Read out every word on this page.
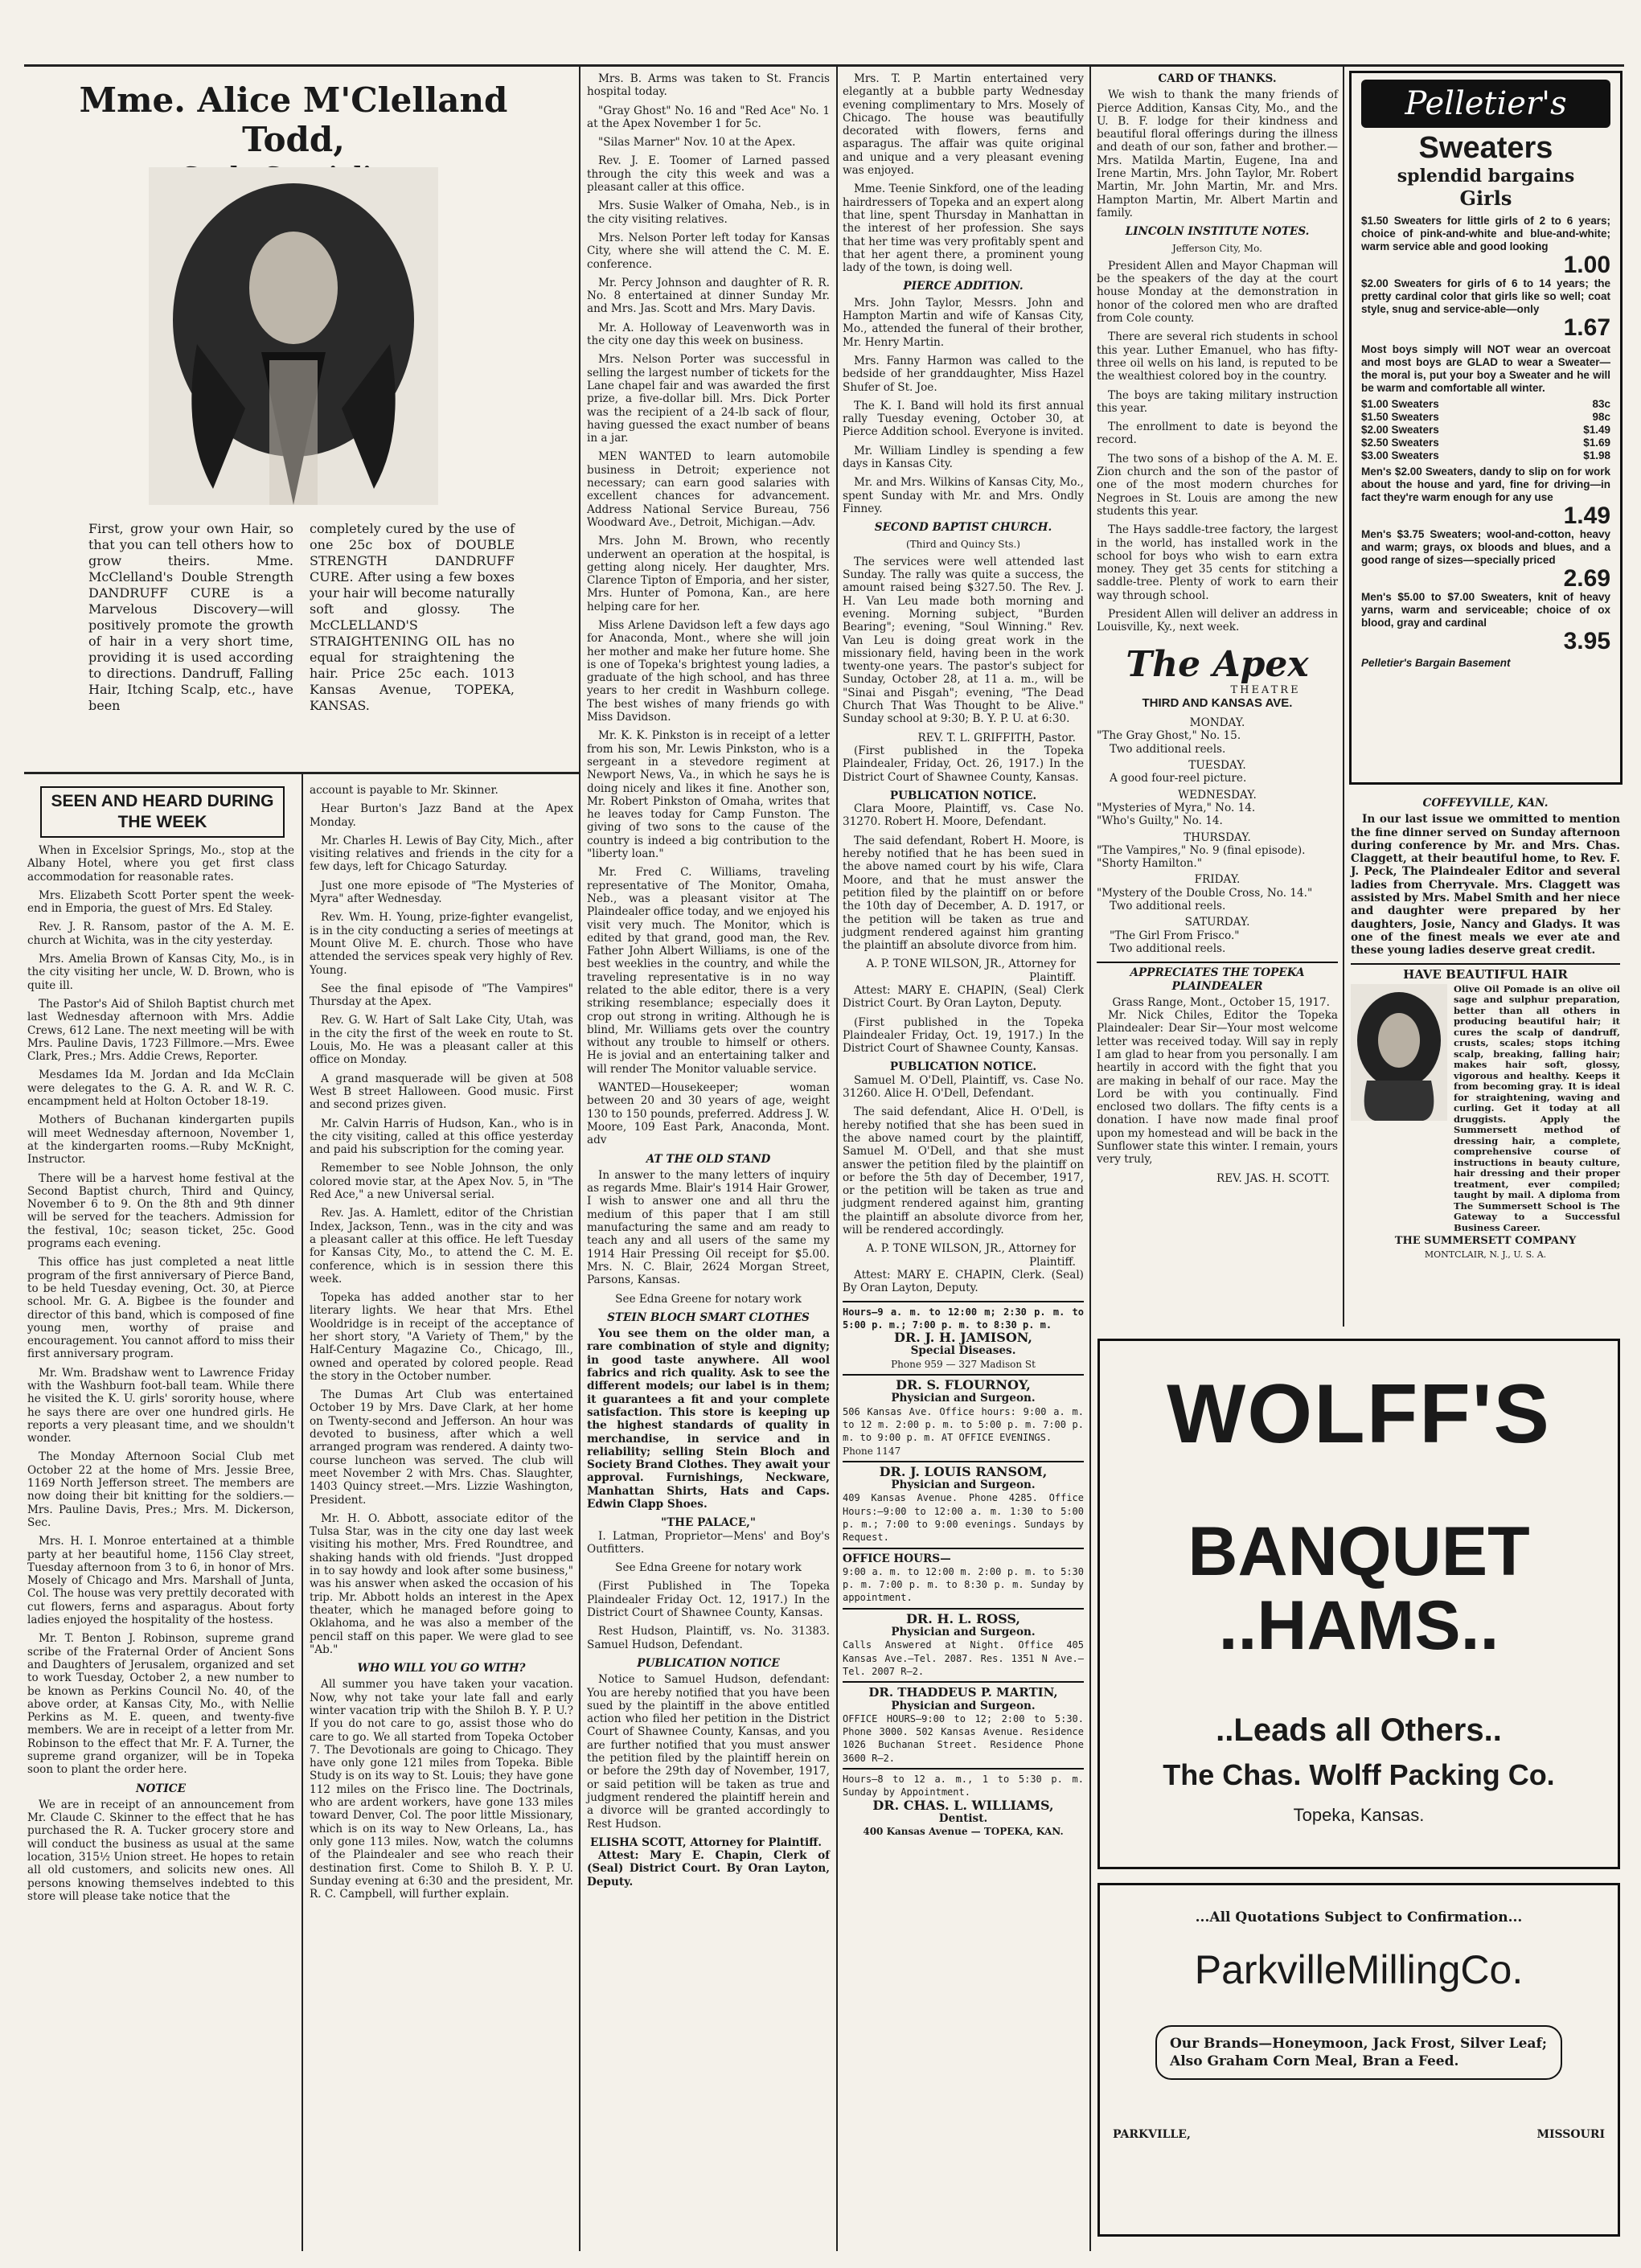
Mme. Alice M'Clelland Todd,
First, grow your own Hair, so that you can tell others how to grow theirs. Mme. McClelland's Double Strength DANDRUFF CURE is a Marvelous Discovery—will positively promote the growth of hair in a very short time, providing it is used according to directions. Dandruff, Falling Hair, Itching Scalp, etc., have been
completely cured by the use of one 25c box of DOUBLE STRENGTH DANDRUFF CURE. After using a few boxes your hair will become naturally soft and glossy. The McCLELLAND'S STRAIGHTENING OIL has no equal for straightening the hair. Price 25c each. 1013 Kansas Avenue, TOPEKA, KANSAS.
SEEN AND HEARD DURING THE WEEK

When in Excelsior Springs, Mo., stop at the Albany Hotel, where you get first class accommodation for reasonable rates.

Mrs. Elizabeth Scott Porter spent the week-end in Emporia, the guest of Mrs. Ed Staley.

Rev. J. R. Ransom, pastor of the A. M. E. church at Wichita, was in the city yesterday.

Mrs. Amelia Brown of Kansas City, Mo., is in the city visiting her uncle, W. D. Brown, who is quite ill.

The Pastor's Aid of Shiloh Baptist church met last Wednesday afternoon with Mrs. Addie Crews, 612 Lane. The next meeting will be with Mrs. Pauline Davis, 1723 Fillmore.—Mrs. Ewee Clark, Pres.; Mrs. Addie Crews, Reporter.

Mesdames Ida M. Jordan and Ida McClain were delegates to the G. A. R. and W. R. C. encampment held at Holton October 18-19.

Mothers of Buchanan kindergarten pupils will meet Wednesday afternoon, November 1, at the kindergarten rooms.—Ruby McKnight, Instructor.

There will be a harvest home festival at the Second Baptist church, Third and Quincy, November 6 to 9. On the 8th and 9th dinner will be served for the teachers. Admission for the festival, 10c; season ticket, 25c. Good programs each evening.

This office has just completed a neat little program of the first anniversary of Pierce Band, to be held Tuesday evening, Oct. 30, at Pierce school. Mr. G. A. Bigbee is the founder and director of this band, which is composed of fine young men, worthy of praise and encouragement. You cannot afford to miss their first anniversary program.

Mr. Wm. Bradshaw went to Lawrence Friday with the Washburn foot-ball team. While there he visited the K. U. girls' sorority house, where he says there are over one hundred girls. He reports a very pleasant time, and we shouldn't wonder.

The Monday Afternoon Social Club met October 22 at the home of Mrs. Jessie Bree, 1169 North Jefferson street. The members are now doing their bit knitting for the soldiers.—Mrs. Pauline Davis, Pres.; Mrs. M. Dickerson, Sec.

Mrs. H. I. Monroe entertained at a thimble party at her beautiful home, 1156 Clay street, Tuesday afternoon from 3 to 6, in honor of Mrs. Mosely of Chicago and Mrs. Marshall of Junta, Col. The house was very prettily decorated with cut flowers, ferns and asparagus. About forty ladies enjoyed the hospitality of the hostess.

Mr. T. Benton J. Robinson, supreme grand scribe of the Fraternal Order of Ancient Sons and Daughters of Jerusalem, organized and set to work Tuesday, October 2, a new number to be known as Perkins Council No. 40, of the above order, at Kansas City, Mo., with Nellie Perkins as M. E. queen, and twenty-five members. We are in receipt of a letter from Mr. Robinson to the effect that Mr. F. A. Turner, the supreme grand organizer, will be in Topeka soon to plant the order here.

NOTICE

We are in receipt of an announcement from Mr. Claude C. Skinner to the effect that he has purchased the R. A. Tucker grocery store and will conduct the business as usual at the same location, 315½ Union street. He hopes to retain all old customers, and solicits new ones. All persons knowing themselves indebted to this store will please take notice that the

account is payable to Mr. Skinner.

Hear Burton's Jazz Band at the Apex Monday.

Mr. Charles H. Lewis of Bay City, Mich., after visiting relatives and friends in the city for a few days, left for Chicago Saturday.

Just one more episode of "The Mysteries of Myra" after Wednesday.

Rev. Wm. H. Young, prize-fighter evangelist, is in the city conducting a series of meetings at Mount Olive M. E. church. Those who have attended the services speak very highly of Rev. Young.

See the final episode of "The Vampires" Thursday at the Apex.

Rev. G. W. Hart of Salt Lake City, Utah, was in the city the first of the week en route to St. Louis, Mo. He was a pleasant caller at this office on Monday.

A grand masquerade will be given at 508 West B street Halloween. Good music. First and second prizes given.

Mr. Calvin Harris of Hudson, Kan., who is in the city visiting, called at this office yesterday and paid his subscription for the coming year.

Remember to see Noble Johnson, the only colored movie star, at the Apex Nov. 5, in "The Red Ace," a new Universal serial.

Rev. Jas. A. Hamlett, editor of the Christian Index, Jackson, Tenn., was in the city and was a pleasant caller at this office. He left Tuesday for Kansas City, Mo., to attend the C. M. E. conference, which is in session there this week.

Topeka has added another star to her literary lights. We hear that Mrs. Ethel Wooldridge is in receipt of the acceptance of her short story, "A Variety of Them," by the Half-Century Magazine Co., Chicago, Ill., owned and operated by colored people. Read the story in the October number.

The Dumas Art Club was entertained October 19 by Mrs. Dave Clark, at her home on Twenty-second and Jefferson. An hour was devoted to business, after which a well arranged program was rendered. A dainty two-course luncheon was served. The club will meet November 2 with Mrs. Chas. Slaughter, 1403 Quincy street.—Mrs. Lizzie Washington, President.

Mr. H. O. Abbott, associate editor of the Tulsa Star, was in the city one day last week visiting his mother, Mrs. Fred Roundtree, and shaking hands with old friends. "Just dropped in to say howdy and look after some business," was his answer when asked the occasion of his trip. Mr. Abbott holds an interest in the Apex theater, which he managed before going to Oklahoma, and he was also a member of the pencil staff on this paper. We were glad to see "Ab."

WHO WILL YOU GO WITH?

All summer you have taken your vacation. Now, why not take your late fall and early winter vacation trip with the Shiloh B. Y. P. U.? If you do not care to go, assist those who do care to go. We all started from Topeka October 7. The Devotionals are going to Chicago. They have only gone 121 miles from Topeka. Bible Study is on its way to St. Louis; they have gone 112 miles on the Frisco line. The Doctrinals, who are ardent workers, have gone 133 miles toward Denver, Col. The poor little Missionary, which is on its way to New Orleans, La., has only gone 113 miles. Now, watch the columns of the Plaindealer and see who reach their destination first. Come to Shiloh B. Y. P. U. Sunday evening at 6:30 and the president, Mr. R. C. Campbell, will further explain.

Mrs. B. Arms was taken to St. Francis hospital today.

"Gray Ghost" No. 16 and "Red Ace" No. 1 at the Apex November 1 for 5c.

"Silas Marner" Nov. 10 at the Apex.

Rev. J. E. Toomer of Larned passed through the city this week and was a pleasant caller at this office.

Mrs. Susie Walker of Omaha, Neb., is in the city visiting relatives.

Mrs. Nelson Porter left today for Kansas City, where she will attend the C. M. E. conference.

Mr. Percy Johnson and daughter of R. R. No. 8 entertained at dinner Sunday Mr. and Mrs. Jas. Scott and Mrs. Mary Davis.

Mr. A. Holloway of Leavenworth was in the city one day this week on business.

Mrs. Nelson Porter was successful in selling the largest number of tickets for the Lane chapel fair and was awarded the first prize, a five-dollar bill. Mrs. Dick Porter was the recipient of a 24-lb sack of flour, having guessed the exact number of beans in a jar.

MEN WANTED to learn automobile business in Detroit; experience not necessary; can earn good salaries with excellent chances for advancement. Address National Service Bureau, 756 Woodward Ave., Detroit, Michigan.—Adv.

Mrs. John M. Brown, who recently underwent an operation at the hospital, is getting along nicely. Her daughter, Mrs. Clarence Tipton of Emporia, and her sister, Mrs. Hunter of Pomona, Kan., are here helping care for her.

Miss Arlene Davidson left a few days ago for Anaconda, Mont., where she will join her mother and make her future home. She is one of Topeka's brightest young ladies, a graduate of the high school, and has three years to her credit in Washburn college. The best wishes of many friends go with Miss Davidson.

Mr. K. K. Pinkston is in receipt of a letter from his son, Mr. Lewis Pinkston, who is a sergeant in a stevedore regiment at Newport News, Va., in which he says he is doing nicely and likes it fine. Another son, Mr. Robert Pinkston of Omaha, writes that he leaves today for Camp Funston. The giving of two sons to the cause of the country is indeed a big contribution to the "liberty loan."

Mr. Fred C. Williams, traveling representative of The Monitor, Omaha, Neb., was a pleasant visitor at The Plaindealer office today, and we enjoyed his visit very much. The Monitor, which is edited by that grand, good man, the Rev. Father John Albert Williams, is one of the best weeklies in the country, and while the traveling representative is in no way related to the able editor, there is a very striking resemblance; especially does it crop out strong in writing. Although he is blind, Mr. Williams gets over the country without any trouble to himself or others. He is jovial and an entertaining talker and will render The Monitor valuable service.

WANTED—Housekeeper; woman between 20 and 30 years of age, weight 130 to 150 pounds, preferred. Address J. W. Moore, 109 East Park, Anaconda, Mont. adv

AT THE OLD STAND

In answer to the many letters of inquiry as regards Mme. Blair's 1914 Hair Grower, I wish to answer one and all thru the medium of this paper that I am still manufacturing the same and am ready to teach any and all users of the same my 1914 Hair Pressing Oil receipt for $5.00. Mrs. N. C. Blair, 2624 Morgan Street, Parsons, Kansas.

See Edna Greene for notary work

STEIN BLOCH SMART CLOTHES

You see them on the older man, a rare combination of style and dignity; in good taste anywhere. All wool fabrics and rich quality. Ask to see the different models; our label is in them; it guarantees a fit and your complete satisfaction. This store is keeping up the highest standards of quality in merchandise, in service and in reliability; selling Stein Bloch and Society Brand Clothes. They await your approval. Furnishings, Neckware, Manhattan Shirts, Hats and Caps. Edwin Clapp Shoes.

"THE PALACE,"

I. Latman, Proprietor—Mens' and Boy's Outfitters.

See Edna Greene for notary work

(First Published in The Topeka Plaindealer Friday Oct. 12, 1917.) In the District Court of Shawnee County, Kansas.

Rest Hudson, Plaintiff, vs. No. 31383. Samuel Hudson, Defendant.

PUBLICATION NOTICE

Notice to Samuel Hudson, defendant: You are hereby notified that you have been sued by the plaintiff in the above entitled action who filed her petition in the District Court of Shawnee County, Kansas, and you are further notified that you must answer the petition filed by the plaintiff herein on or before the 29th day of November, 1917, or said petition will be taken as true and judgment rendered the plaintiff herein and a divorce will be granted accordingly to Rest Hudson.

ELISHA SCOTT, Attorney for Plaintiff.

Attest: Mary E. Chapin, Clerk of (Seal) District Court. By Oran Layton, Deputy.

Mrs. T. P. Martin entertained very elegantly at a bubble party Wednesday evening complimentary to Mrs. Mosely of Chicago. The house was beautifully decorated with flowers, ferns and asparagus. The affair was quite original and unique and a very pleasant evening was enjoyed.

Mme. Teenie Sinkford, one of the leading hairdressers of Topeka and an expert along that line, spent Thursday in Manhattan in the interest of her profession. She says that her time was very profitably spent and that her agent there, a prominent young lady of the town, is doing well.

PIERCE ADDITION.

Mrs. John Taylor, Messrs. John and Hampton Martin and wife of Kansas City, Mo., attended the funeral of their brother, Mr. Henry Martin.

Mrs. Fanny Harmon was called to the bedside of her granddaughter, Miss Hazel Shufer of St. Joe.

The K. I. Band will hold its first annual rally Tuesday evening, October 30, at Pierce Addition school. Everyone is invited.

Mr. William Lindley is spending a few days in Kansas City.

Mr. and Mrs. Wilkins of Kansas City, Mo., spent Sunday with Mr. and Mrs. Ondly Finney.

SECOND BAPTIST CHURCH.
(Third and Quincy Sts.)

The services were well attended last Sunday. The rally was quite a success, the amount raised being $327.50. The Rev. J. H. Van Leu made both morning and evening. Morning subject, "Burden Bearing"; evening, "Soul Winning." Rev. Van Leu is doing great work in the missionary field, having been in the work twenty-one years. The pastor's subject for Sunday, October 28, at 11 a. m., will be "Sinai and Pisgah"; evening, "The Dead Church That Was Thought to be Alive." Sunday school at 9:30; B. Y. P. U. at 6:30.

REV. T. L. GRIFFITH, Pastor.

(First published in the Topeka Plaindealer, Friday, Oct. 26, 1917.) In the District Court of Shawnee County, Kansas.

PUBLICATION NOTICE.

Clara Moore, Plaintiff, vs. Case No. 31270. Robert H. Moore, Defendant.

The said defendant, Robert H. Moore, is hereby notified that he has been sued in the above named court by his wife, Clara Moore, and that he must answer the petition filed by the plaintiff on or before the 10th day of December, A. D. 1917, or the petition will be taken as true and judgment rendered against him granting the plaintiff an absolute divorce from him.

A. P. TONE WILSON, JR., Attorney for Plaintiff.

Attest: MARY E. CHAPIN, (Seal) Clerk District Court. By Oran Layton, Deputy.

(First published in the Topeka Plaindealer Friday, Oct. 19, 1917.) In the District Court of Shawnee County, Kansas.

PUBLICATION NOTICE.

Samuel M. O'Dell, Plaintiff, vs. Case No. 31260. Alice H. O'Dell, Defendant.

The said defendant, Alice H. O'Dell, is hereby notified that she has been sued in the above named court by the plaintiff, Samuel M. O'Dell, and that she must answer the petition filed by the plaintiff on or before the 5th day of December, 1917, or the petition will be taken as true and judgment rendered against him, granting the plaintiff an absolute divorce from her, will be rendered accordingly.

A. P. TONE WILSON, JR., Attorney for Plaintiff.

Attest: MARY E. CHAPIN, Clerk. (Seal) By Oran Layton, Deputy.

Hours—9 a. m. to 12:00 m; 2:30 p. m. to 5:00 p. m.; 7:00 p. m. to 8:30 p. m.
DR. J. H. JAMISON,
Special Diseases.
Phone 959 — 327 Madison St
DR. S. FLOURNOY,
Physician and Surgeon.
506 Kansas Ave. Office hours: 9:00 a. m. to 12 m. 2:00 p. m. to 5:00 p. m. 7:00 p. m. to 9:00 p. m. AT OFFICE EVENINGS.
Phone 1147
DR. J. LOUIS RANSOM,
Physician and Surgeon.
409 Kansas Avenue. Phone 4285. Office Hours:—9:00 to 12:00 a. m. 1:30 to 5:00 p. m.; 7:00 to 9:00 evenings. Sundays by Request.
OFFICE HOURS—
9:00 a. m. to 12:00 m. 2:00 p. m. to 5:30 p. m. 7:00 p. m. to 8:30 p. m. Sunday by appointment.
DR. H. L. ROSS,
Physician and Surgeon.
Calls Answered at Night. Office 405 Kansas Ave.—Tel. 2087. Res. 1351 N Ave.—Tel. 2007 R—2.
DR. THADDEUS P. MARTIN,
Physician and Surgeon.
OFFICE HOURS—9:00 to 12; 2:00 to 5:30. Phone 3000. 502 Kansas Avenue. Residence 1026 Buchanan Street. Residence Phone 3600 R—2.
Hours—8 to 12 a. m., 1 to 5:30 p. m. Sunday by Appointment.
DR. CHAS. L. WILLIAMS,
Dentist.
400 Kansas Avenue — TOPEKA, KAN.
CARD OF THANKS.

We wish to thank the many friends of Pierce Addition, Kansas City, Mo., and the U. B. F. lodge for their kindness and beautiful floral offerings during the illness and death of our son, father and brother.—Mrs. Matilda Martin, Eugene, Ina and Irene Martin, Mrs. John Taylor, Mr. Robert Martin, Mr. John Martin, Mr. and Mrs. Hampton Martin, Mr. Albert Martin and family.

LINCOLN INSTITUTE NOTES.
Jefferson City, Mo.

President Allen and Mayor Chapman will be the speakers of the day at the court house Monday at the demonstration in honor of the colored men who are drafted from Cole county.

There are several rich students in school this year. Luther Emanuel, who has fifty-three oil wells on his land, is reputed to be the wealthiest colored boy in the country.

The boys are taking military instruction this year.

The enrollment to date is beyond the record.

The two sons of a bishop of the A. M. E. Zion church and the son of the pastor of one of the most modern churches for Negroes in St. Louis are among the new students this year.

The Hays saddle-tree factory, the largest in the world, has installed work in the school for boys who wish to earn extra money. They get 35 cents for stitching a saddle-tree. Plenty of work to earn their way through school.

President Allen will deliver an address in Louisville, Ky., next week.

The Apex
THEATRE
THIRD AND KANSAS AVE.
MONDAY.
"The Gray Ghost," No. 15.
Two additional reels.
TUESDAY.
A good four-reel picture.
WEDNESDAY.
"Mysteries of Myra," No. 14.
"Who's Guilty," No. 14.
THURSDAY.
"The Vampires," No. 9 (final episode).
"Shorty Hamilton."
FRIDAY.
"Mystery of the Double Cross, No. 14."
Two additional reels.
SATURDAY.
"The Girl From Frisco."
Two additional reels.
APPRECIATES THE TOPEKA PLAINDEALER
Grass Range, Mont., October 15, 1917.

Mr. Nick Chiles, Editor the Topeka Plaindealer: Dear Sir—Your most welcome letter was received today. Will say in reply I am glad to hear from you personally. I am heartily in accord with the fight that you are making in behalf of our race. May the Lord be with you continually. Find enclosed two dollars. The fifty cents is a donation. I have now made final proof upon my homestead and will be back in the Sunflower state this winter. I remain, yours very truly,

REV. JAS. H. SCOTT.
Pelletier's
Sweaters
splendid bargains
Girls
$1.50 Sweaters for little girls of 2 to 6 years; choice of pink-and-white and blue-and-white; warm service able and good looking
1.00
$2.00 Sweaters for girls of 6 to 14 years; the pretty cardinal color that girls like so well; coat style, snug and service-able—only
1.67
Most boys simply will NOT wear an overcoat and most boys are GLAD to wear a Sweater—the moral is, put your boy a Sweater and he will be warm and comfortable all winter.
$1.00 Sweaters	83c
$1.50 Sweaters	98c
$2.00 Sweaters	$1.49
$2.50 Sweaters	$1.69
$3.00 Sweaters	$1.98
Men's $2.00 Sweaters, dandy to slip on for work about the house and yard, fine for driving—in fact they're warm enough for any use
1.49
Men's $3.75 Sweaters; wool-and-cotton, heavy and warm; grays, ox bloods and blues, and a good range of sizes—specially priced
2.69
Men's $5.00 to $7.00 Sweaters, knit of heavy yarns, warm and serviceable; choice of ox blood, gray and cardinal
3.95
Pelletier's Bargain Basement
COFFEYVILLE, KAN.

In our last issue we ommitted to mention the fine dinner served on Sunday afternoon during conference by Mr. and Mrs. Chas. Claggett, at their beautiful home, to Rev. F. J. Peck, The Plaindealer Editor and several ladies from Cherryvale. Mrs. Claggett was assisted by Mrs. Mabel Smith and her niece and daughter were prepared by her daughters, Josie, Nancy and Gladys. It was one of the finest meals we ever ate and these young ladies deserve great credit.

HAVE BEAUTIFUL HAIR
Olive Oil Pomade is an olive oil sage and sulphur preparation, better than all others in producing beautiful hair; it cures the scalp of dandruff, crusts, scales; stops itching scalp, breaking, falling hair; makes hair soft, glossy, vigorous and healthy. Keeps it from becoming gray. It is ideal for straightening, waving and curling. Get it today at all druggists. Apply the Summersett method of dressing hair, a complete, comprehensive course of instructions in beauty culture, hair dressing and their proper treatment, ever compiled; taught by mail. A diploma from The Summersett School is The Gateway to a Successful Business Career.
THE SUMMERSETT COMPANY
MONTCLAIR, N. J., U. S. A.
WOLFF'S
BANQUET
..HAMS..
..Leads all Others..
The Chas. Wolff Packing Co.
Topeka, Kansas.
...All Quotations Subject to Confirmation...
ParkvilleMillingCo.
Our Brands—Honeymoon, Jack Frost, Silver Leaf; Also Graham Corn Meal, Bran a Feed.
PARKVILLE,	MISSOURI
